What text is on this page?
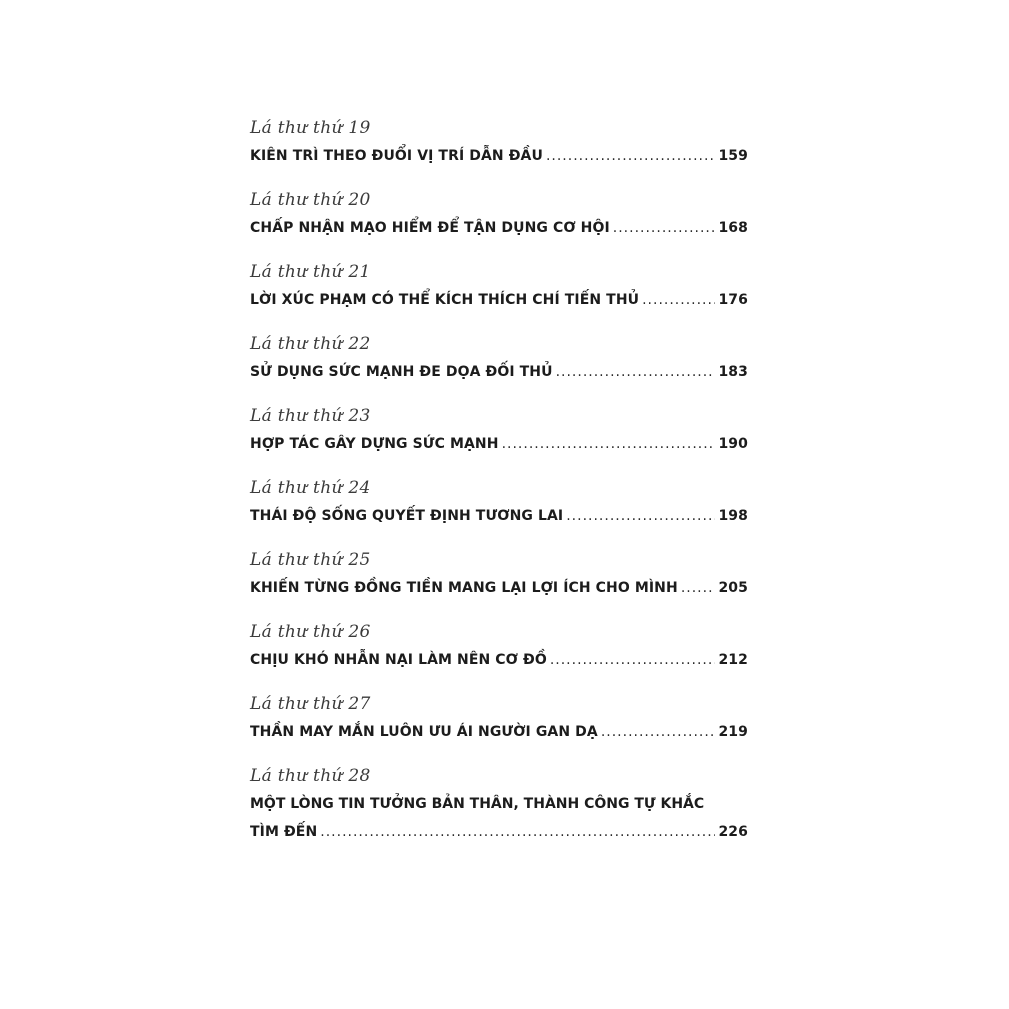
Lá thư thứ 19
KIÊN TRÌ THEO ĐUỔI VỊ TRÍ DẪN ĐẦU .....	159
Lá thư thứ 20
CHẤP NHẬN MẠO HIỂM ĐỂ TẬN DỤNG CƠ HỘI .....	168
Lá thư thứ 21
LỜI XÚC PHẠM CÓ THỂ KÍCH THÍCH CHÍ TIẾN THỦ .....	176
Lá thư thứ 22
SỬ DỤNG SỨC MẠNH ĐE DỌA ĐỐI THỦ .....	183
Lá thư thứ 23
HỢP TÁC GÂY DỰNG SỨC MẠNH .....	190
Lá thư thứ 24
THÁI ĐỘ SỐNG QUYẾT ĐỊNH TƯƠNG LAI .....	198
Lá thư thứ 25
KHIẾN TỪNG ĐỒNG TIỀN MANG LẠI LỢI ÍCH CHO MÌNH .....	205
Lá thư thứ 26
CHỊU KHÓ NHẪN NẠI LÀM NÊN CƠ ĐỒ .....	212
Lá thư thứ 27
THẦN MAY MẮN LUÔN ƯU ÁI NGƯỜI GAN DẠ .....	219
Lá thư thứ 28
MỘT LÒNG TIN TƯỞNG BẢN THÂN, THÀNH CÔNG TỰ KHẮC
TÌM ĐẾN .....	226
